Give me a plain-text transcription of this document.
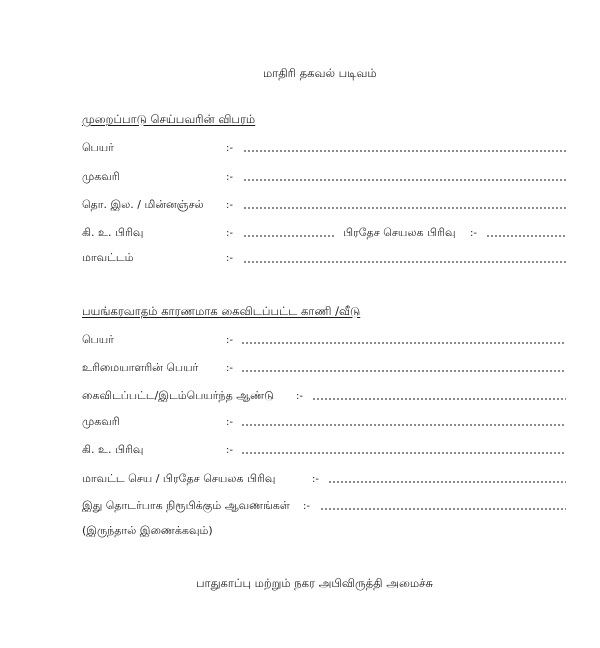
மாதிரி தகவல் படிவம்
முறைப்பாடு செய்பவரின் விபரம்
பெயர்	:-
முகவரி	:-
தொ. இல. / மின்னஞ்சல் :-
கி. உ. பிரிவு	:-	பிரதேச செயலக பிரிவு :-
மாவட்டம்	:-
பயங்கரவாதம் காரணமாக கைவிடப்பட்ட காணி /வீடு
பெயர்	:-
உரிமையாளரின் பெயர்	:-
கைவிடப்பட்ட/இடம்பெயர்ந்த ஆண்டு :-
முகவரி	:-
கி. உ. பிரிவு	:-
மாவட்ட செய / பிரதேச செயலக பிரிவு	:-
இது தொடர்பாக நிரூபிக்கும் ஆவணங்கள் :-
(இருந்தால் இணைக்கவும்)
பாதுகாப்பு மற்றும் நகர அபிவிருத்தி அமைச்சு
